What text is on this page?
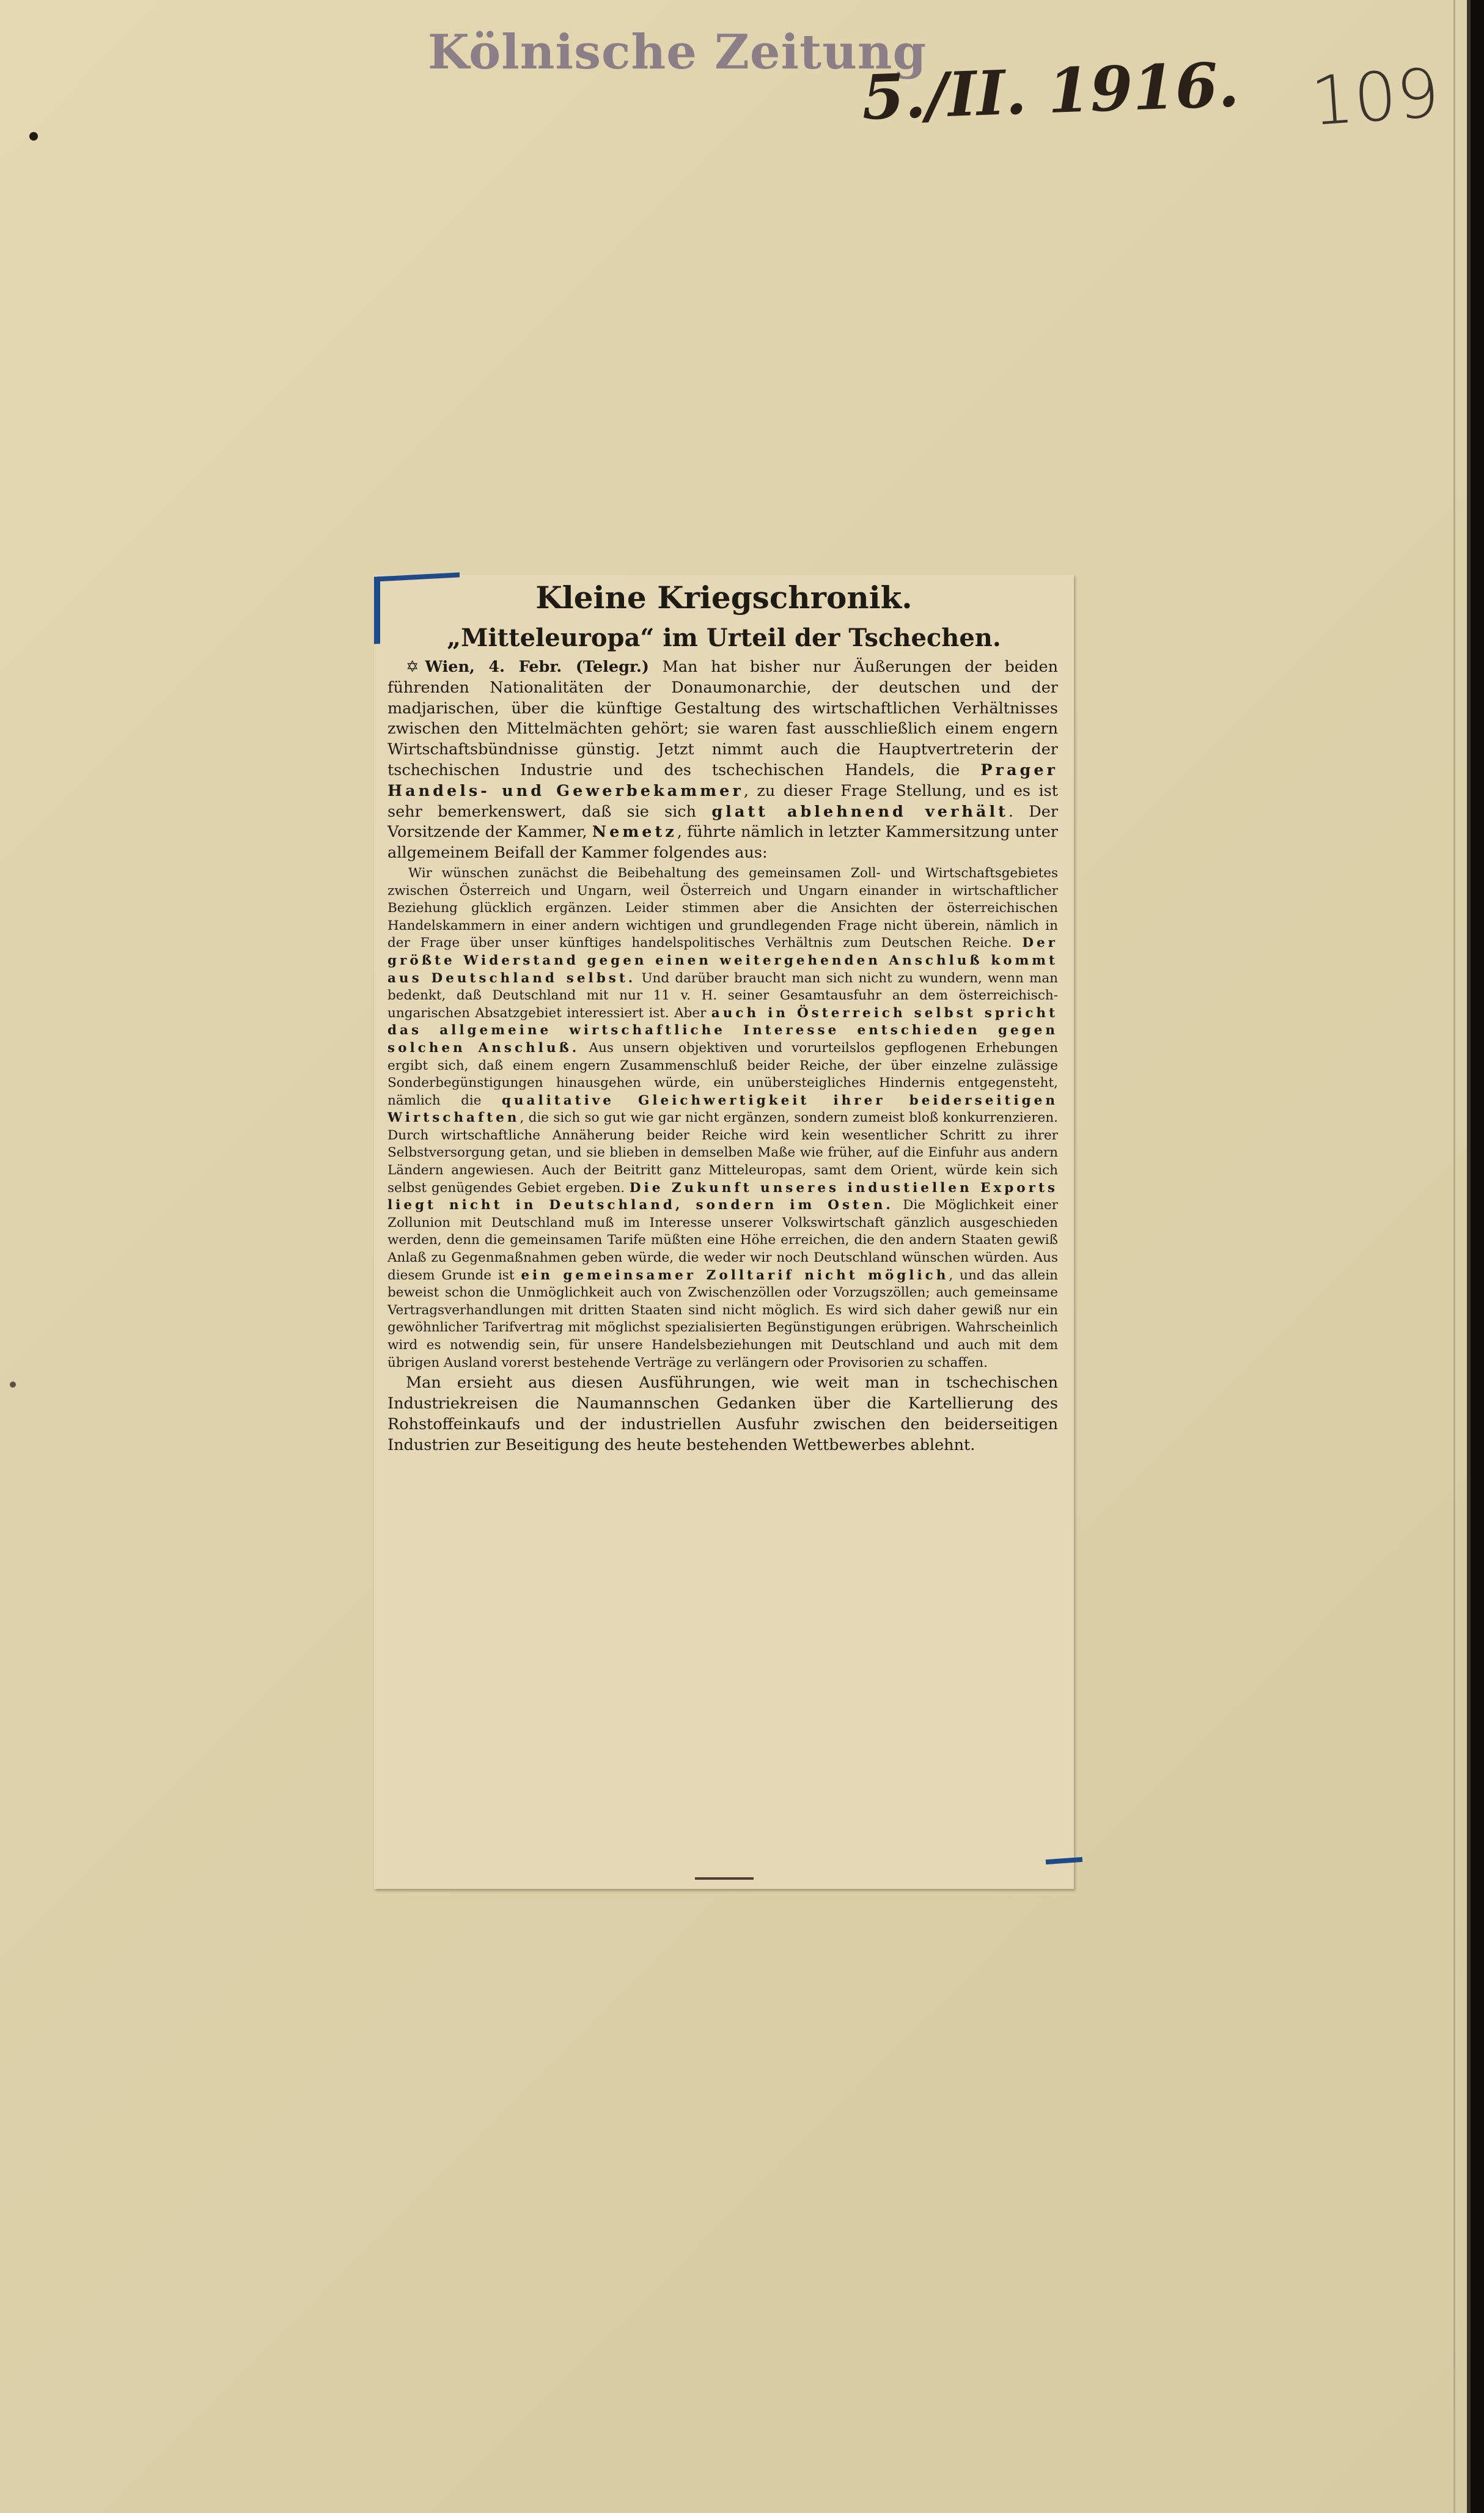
Kölnische Zeitung
5./II. 1916. 109
Kleine Kriegschronik.
„Mitteleuropa“ im Urteil der Tschechen.

✡ Wien, 4. Febr. (Telegr.) Man hat bisher nur Äußerungen der beiden führenden Nationalitäten der Donaumonarchie, der deutschen und der madjarischen, über die künftige Gestaltung des wirtschaftlichen Verhältnisses zwischen den Mittelmächten gehört; sie waren fast ausschließlich einem engern Wirtschaftsbündnisse günstig. Jetzt nimmt auch die Hauptvertreterin der tschechischen Industrie und des tschechischen Handels, die Prager Handels- und Gewerbekammer, zu dieser Frage Stellung, und es ist sehr bemerkenswert, daß sie sich glatt ablehnend verhält. Der Vorsitzende der Kammer, Nemetz, führte nämlich in letzter Kammersitzung unter allgemeinem Beifall der Kammer folgendes aus:

Wir wünschen zunächst die Beibehaltung des gemeinsamen Zoll- und Wirtschaftsgebietes zwischen Österreich und Ungarn, weil Österreich und Ungarn einander in wirtschaftlicher Beziehung glücklich ergänzen. Leider stimmen aber die Ansichten der österreichischen Handelskammern in einer andern wichtigen und grundlegenden Frage nicht überein, nämlich in der Frage über unser künftiges handelspolitisches Verhältnis zum Deutschen Reiche. Der größte Widerstand gegen einen weitergehenden Anschluß kommt aus Deutschland selbst. Und darüber braucht man sich nicht zu wundern, wenn man bedenkt, daß Deutschland mit nur 11 v. H. seiner Gesamtausfuhr an dem österreichisch-ungarischen Absatzgebiet interessiert ist. Aber auch in Österreich selbst spricht das allgemeine wirtschaftliche Interesse entschieden gegen solchen Anschluß. Aus unsern objektiven und vorurteilslos gepflogenen Erhebungen ergibt sich, daß einem engern Zusammenschluß beider Reiche, der über einzelne zulässige Sonderbegünstigungen hinausgehen würde, ein unübersteigliches Hindernis entgegensteht, nämlich die qualitative Gleichwertigkeit ihrer beiderseitigen Wirtschaften, die sich so gut wie gar nicht ergänzen, sondern zumeist bloß konkurrenzieren. Durch wirtschaftliche Annäherung beider Reiche wird kein wesentlicher Schritt zu ihrer Selbstversorgung getan, und sie blieben in demselben Maße wie früher, auf die Einfuhr aus andern Ländern angewiesen. Auch der Beitritt ganz Mitteleuropas, samt dem Orient, würde kein sich selbst genügendes Gebiet ergeben. Die Zukunft unseres industiellen Exports liegt nicht in Deutschland, sondern im Osten. Die Möglichkeit einer Zollunion mit Deutschland muß im Interesse unserer Volkswirtschaft gänzlich ausgeschieden werden, denn die gemeinsamen Tarife müßten eine Höhe erreichen, die den andern Staaten gewiß Anlaß zu Gegenmaßnahmen geben würde, die weder wir noch Deutschland wünschen würden. Aus diesem Grunde ist ein gemeinsamer Zolltarif nicht möglich, und das allein beweist schon die Unmöglichkeit auch von Zwischenzöllen oder Vorzugszöllen; auch gemeinsame Vertragsverhandlungen mit dritten Staaten sind nicht möglich. Es wird sich daher gewiß nur ein gewöhnlicher Tarifvertrag mit möglichst spezialisierten Begünstigungen erübrigen. Wahrscheinlich wird es notwendig sein, für unsere Handelsbeziehungen mit Deutschland und auch mit dem übrigen Ausland vorerst bestehende Verträge zu verlängern oder Provisorien zu schaffen.

Man ersieht aus diesen Ausführungen, wie weit man in tschechischen Industriekreisen die Naumannschen Gedanken über die Kartellierung des Rohstoffeinkaufs und der industriellen Ausfuhr zwischen den beiderseitigen Industrien zur Beseitigung des heute bestehenden Wettbewerbes ablehnt.
